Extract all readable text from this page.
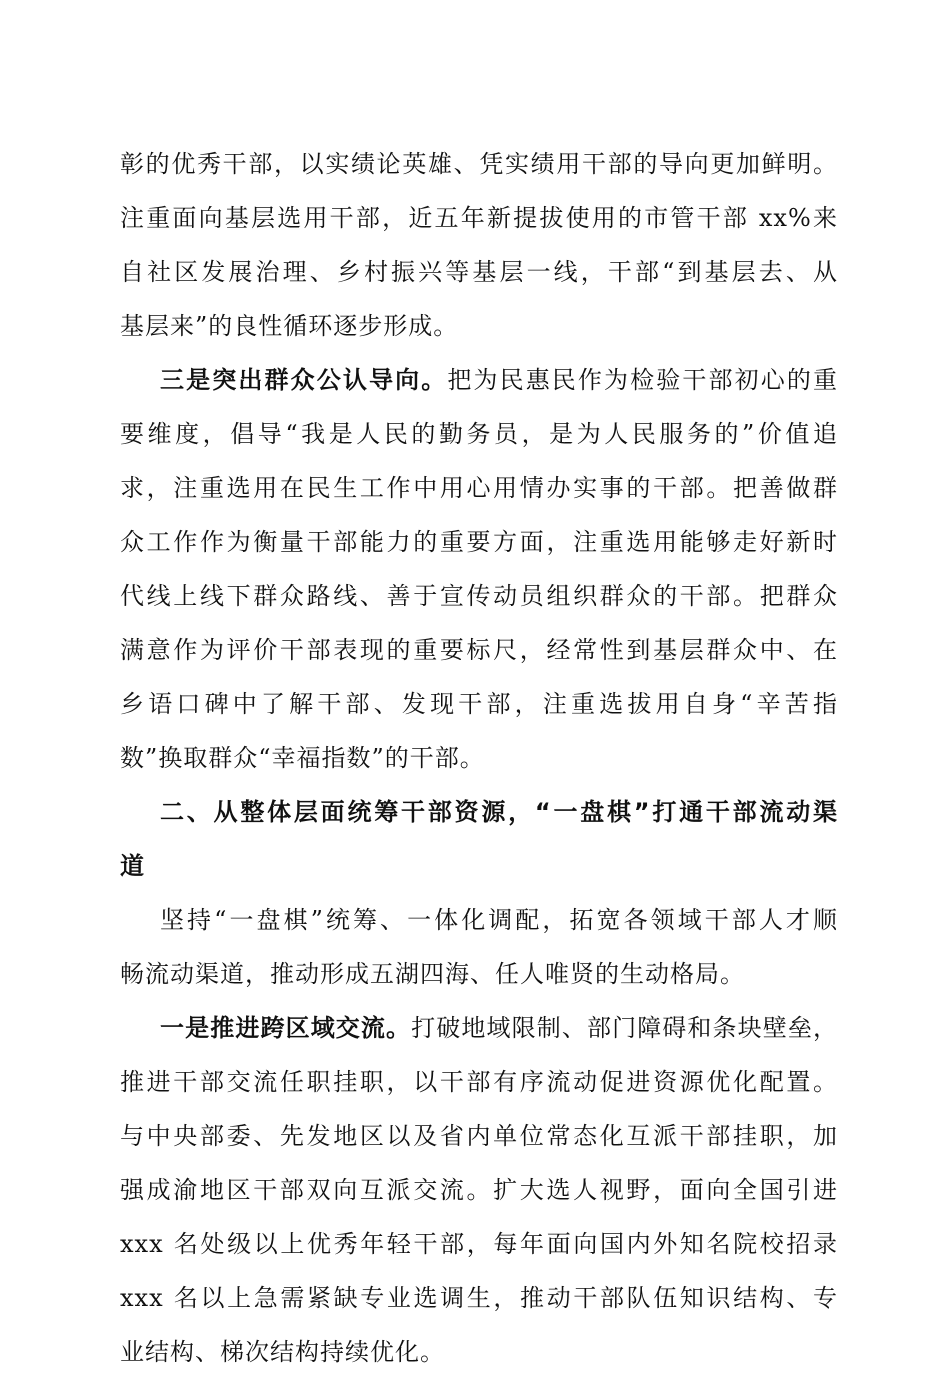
彰的优秀干部，以实绩论英雄、凭实绩用干部的导向更加鲜明。
注重面向基层选用干部，近五年新提拔使用的市管干部 xx%来
自社区发展治理、乡村振兴等基层一线，干部“到基层去、从
基层来”的良性循环逐步形成。
三是突出群众公认导向。把为民惠民作为检验干部初心的重
要维度，倡导“我是人民的勤务员，是为人民服务的”价值追
求，注重选用在民生工作中用心用情办实事的干部。把善做群
众工作作为衡量干部能力的重要方面，注重选用能够走好新时
代线上线下群众路线、善于宣传动员组织群众的干部。把群众
满意作为评价干部表现的重要标尺，经常性到基层群众中、在
乡语口碑中了解干部、发现干部，注重选拔用自身“辛苦指
数”换取群众“幸福指数”的干部。
二、从整体层面统筹干部资源，“一盘棋”打通干部流动渠
道
坚持“一盘棋”统筹、一体化调配，拓宽各领域干部人才顺
畅流动渠道，推动形成五湖四海、任人唯贤的生动格局。
一是推进跨区域交流。打破地域限制、部门障碍和条块壁垒，
推进干部交流任职挂职，以干部有序流动促进资源优化配置。
与中央部委、先发地区以及省内单位常态化互派干部挂职，加
强成渝地区干部双向互派交流。扩大选人视野，面向全国引进
xxx 名处级以上优秀年轻干部，每年面向国内外知名院校招录
xxx 名以上急需紧缺专业选调生，推动干部队伍知识结构、专
业结构、梯次结构持续优化。
